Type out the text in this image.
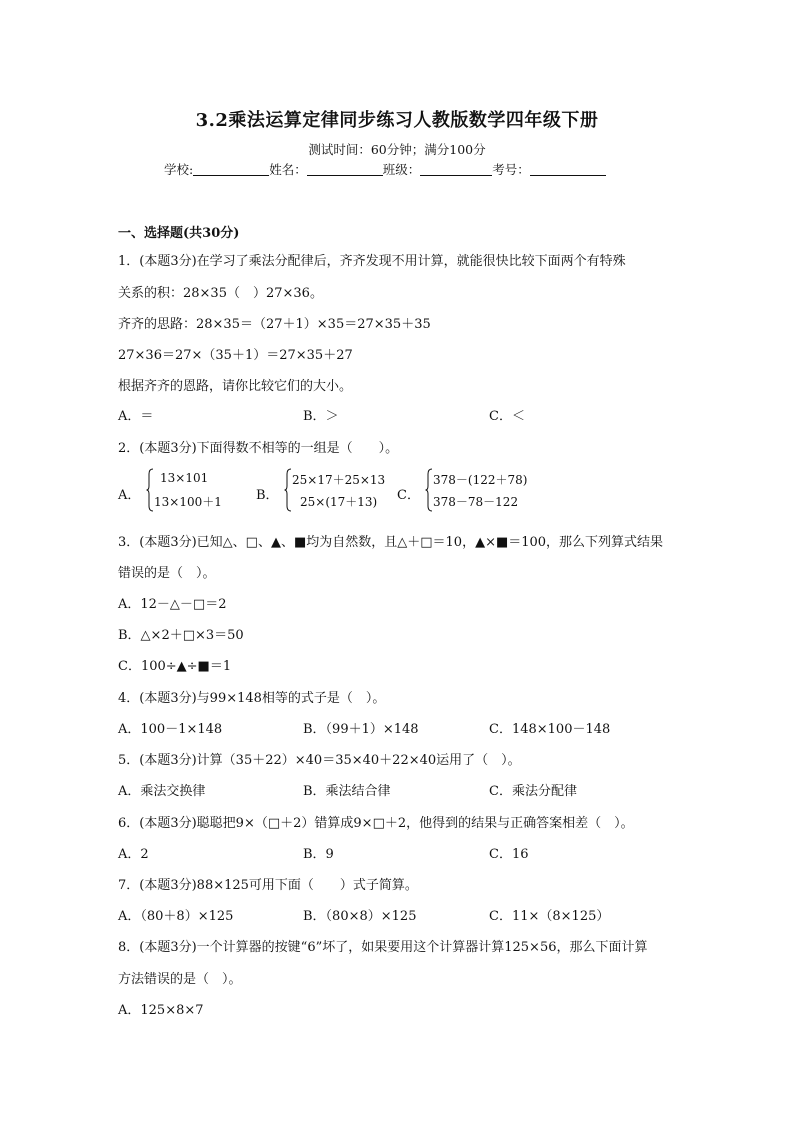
3.2乘法运算定律同步练习人教版数学四年级下册
测试时间：60分钟；满分100分
学校:	姓名：	班级：	考号：
一、选择题(共30分)
1．(本题3分)在学习了乘法分配律后，齐齐发现不用计算，就能很快比较下面两个有特殊
关系的积：28×35（　）27×36。
齐齐的思路：28×35＝（27＋1）×35＝27×35＋35
27×36＝27×（35＋1）＝27×35＋27
根据齐齐的恩路，请你比较它们的大小。
A．＝	B．＞	C．＜
2．(本题3分)下面得数不相等的一组是（　　）。
A．
13×101
13×100＋1	B．
25×17＋25×13
25×(17＋13) C．
378－(122＋78)
378－78－122
3．(本题3分)已知△、□、▲、■均为自然数，且△＋□＝10，▲×■＝100，那么下列算式结果
错误的是（　）。
A．12－△－□＝2
B．△×2＋□×3＝50
C．100÷▲÷■＝1
4．(本题3分)与99×148相等的式子是（　）。
A．100－1×148	B．（99＋1）×148	C．148×100－148
5．(本题3分)计算（35＋22）×40＝35×40＋22×40运用了（　）。
A．乘法交换律	B．乘法结合律	C．乘法分配律
6．(本题3分)聪聪把9×（□＋2）错算成9×□＋2，他得到的结果与正确答案相差（　）。
A．2	B．9	C．16
7．(本题3分)88×125可用下面（　　）式子简算。
A．（80＋8）×125	B．（80×8）×125	C．11×（8×125）
8．(本题3分)一个计算器的按键“6”坏了，如果要用这个计算器计算125×56，那么下面计算
方法错误的是（　）。
A．125×8×7
